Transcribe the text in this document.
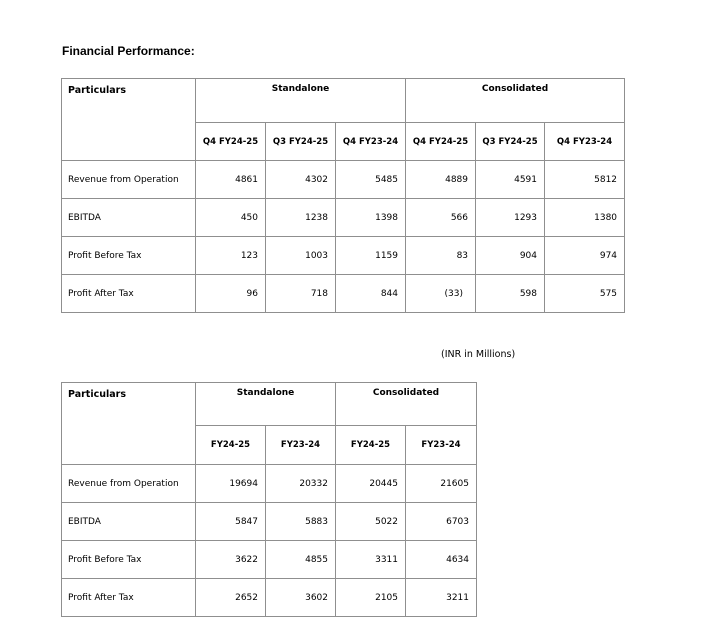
Financial Performance:
Particulars	Standalone			Consolidated		
	Q4 FY24-25	Q3 FY24-25	Q4 FY23-24	Q4 FY24-25	Q3 FY24-25	Q4 FY23-24
Revenue from Operation	4861	4302	5485	4889	4591	5812
EBITDA	450	1238	1398	566	1293	1380
Profit Before Tax	123	1003	1159	83	904	974
Profit After Tax	96	718	844	(33)	598	575
(INR in Millions)
Particulars	Standalone		Consolidated	
	FY24-25	FY23-24	FY24-25	FY23-24
Revenue from Operation	19694	20332	20445	21605
EBITDA	5847	5883	5022	6703
Profit Before Tax	3622	4855	3311	4634
Profit After Tax	2652	3602	2105	3211
